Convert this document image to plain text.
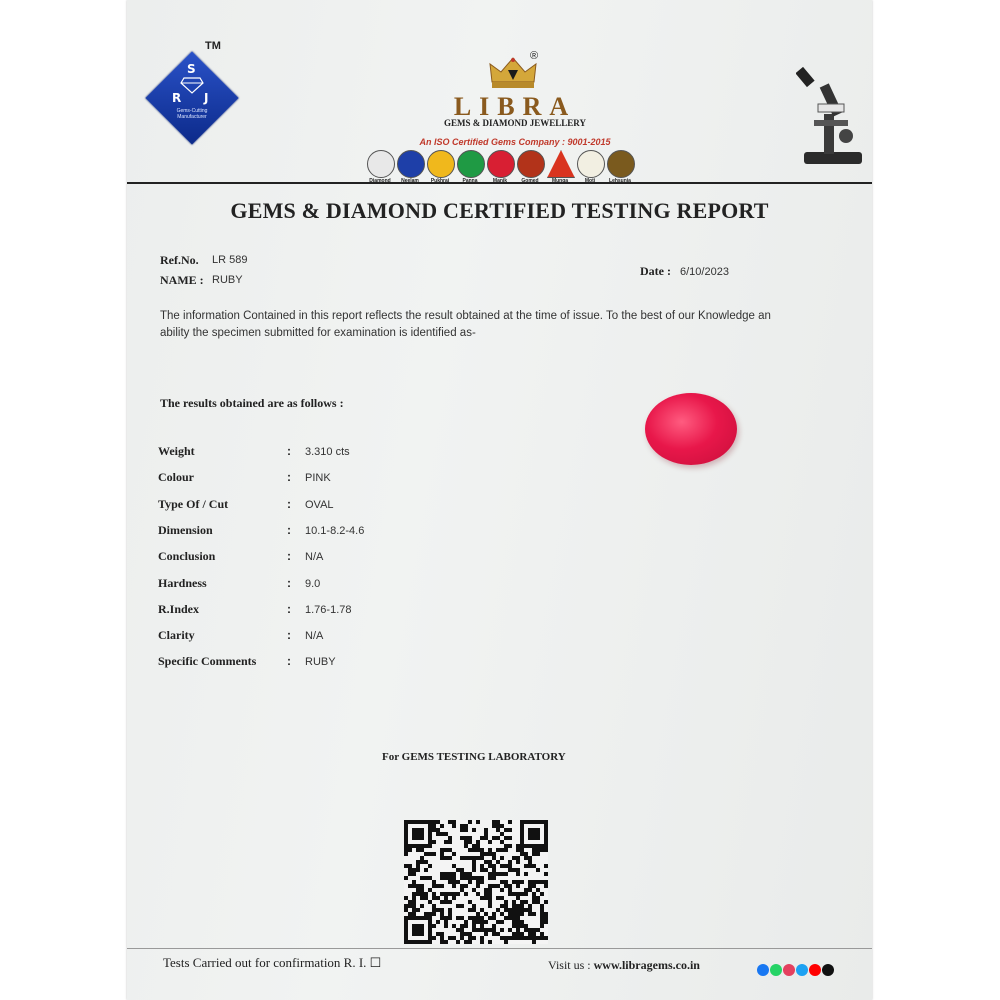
S
R J
Gems-Cutting Manufacturer
TM
®
LIBRA
GEMS & DIAMOND JEWELLERY
An ISO Certified Gems Company : 9001-2015
Diamond	Neelam	Pukhraj	Panna	Manik	Gomed	Munga	Moti	Lehsunia
GEMS & DIAMOND CERTIFIED TESTING REPORT
Ref.No. LR 589
NAME : RUBY
Date : 6/10/2023
The information Contained in this report reflects the result obtained at the time of issue. To the best of our Knowledge an ability the specimen submitted for examination is identified as-
The results obtained are as follows :
Weight	: 3.310 cts
Colour	: PINK
Type Of / Cut	: OVAL
Dimension	: 10.1-8.2-4.6
Conclusion	: N/A
Hardness	: 9.0
R.Index	: 1.76-1.78
Clarity	: N/A
Specific Comments	: RUBY
For GEMS TESTING LABORATORY
Tests Carried out for confirmation R. I. ☐	Visit us : www.libragems.co.in
